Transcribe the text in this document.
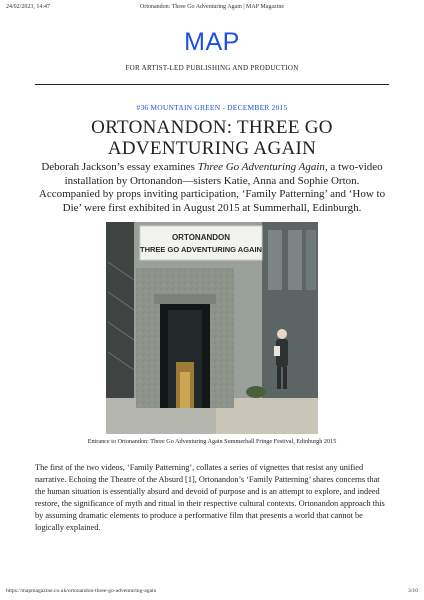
24/02/2023, 14:47	Ortonandon: Three Go Adventuring Again | MAP Magazine
MAP
FOR ARTIST-LED PUBLISHING AND PRODUCTION
#36 MOUNTAIN GREEN - DECEMBER 2015
ORTONANDON: THREE GO
ADVENTURING AGAIN
Deborah Jackson’s essay examines Three Go Adventuring Again, a two-video installation by Ortonandon—sisters Katie, Anna and Sophie Orton. Accompanied by props inviting participation, ‘Family Patterning’ and ‘How to Die’ were first exhibited in August 2015 at Summerhall, Edinburgh.
ORTONANDON
THREE GO ADVENTURING AGAIN
Entrance to Ortonandon: Three Go Adventuring Again Summerhall Fringe Festival, Edinburgh 2015
The first of the two videos, ‘Family Patterning’, collates a series of vignettes that resist any unified narrative. Echoing the Theatre of the Absurd [1], Ortonandon’s ‘Family Patterning’ shares concerns that the human situation is essentially absurd and devoid of purpose and is an attempt to explore, and indeed restore, the significance of myth and ritual in their respective cultural contexts. Ortonandon approach this by assuming dramatic elements to produce a performative film that presents a world that cannot be logically explained.
https://mapmagazine.co.uk/ortonandon-three-go-adventuring-again	3/10
